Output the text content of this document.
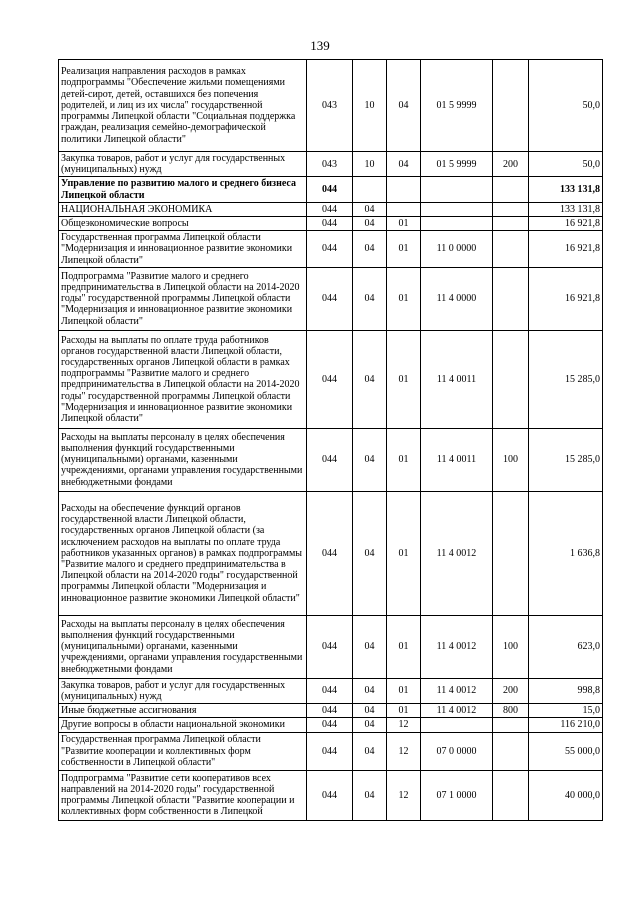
139
Реализация направления расходов в рамках подпрограммы "Обеспечение жильми помещениями детей-сирот, детей, оставшихся без попечения родителей, и лиц из их числа" государственной программы Липецкой области "Социальная поддержка граждан, реализация семейно-демографической политики Липецкой области"	043	10	04	01 5 9999		50,0
Закупка товаров, работ и услуг для государственных (муниципальных) нужд	043	10	04	01 5 9999	200	50,0
Управление по развитию малого и среднего бизнеса Липецкой области	044					133 131,8
НАЦИОНАЛЬНАЯ ЭКОНОМИКА	044	04				133 131,8
Общеэкономические вопросы	044	04	01			16 921,8
Государственная программа Липецкой области "Модернизация и инновационное развитие экономики Липецкой области"	044	04	01	11 0 0000		16 921,8
Подпрограмма "Развитие малого и среднего предпринимательства в Липецкой области на 2014-2020 годы" государственной программы Липецкой области "Модернизация и инновационное развитие экономики Липецкой области"	044	04	01	11 4 0000		16 921,8
Расходы на выплаты по оплате труда работников органов государственной власти Липецкой области, государственных органов Липецкой области в рамках подпрограммы "Развитие малого и среднего предпринимательства в Липецкой области на 2014-2020 годы" государственной программы Липецкой области "Модернизация и инновационное развитие экономики Липецкой области"	044	04	01	11 4 0011		15 285,0
Расходы на выплаты персоналу в целях обеспечения выполнения функций государственными (муниципальными) органами, казенными учреждениями, органами управления государственными внебюджетными фондами	044	04	01	11 4 0011	100	15 285,0
Расходы на обеспечение функций органов государственной власти Липецкой области, государственных органов Липецкой области (за исключением расходов на выплаты по оплате труда работников указанных органов) в рамках подпрограммы "Развитие малого и среднего предпринимательства в Липецкой области на 2014-2020 годы" государственной программы Липецкой области "Модернизация и инновационное развитие экономики Липецкой области"	044	04	01	11 4 0012		1 636,8
Расходы на выплаты персоналу в целях обеспечения выполнения функций государственными (муниципальными) органами, казенными учреждениями, органами управления государственными внебюджетными фондами	044	04	01	11 4 0012	100	623,0
Закупка товаров, работ и услуг для государственных (муниципальных) нужд	044	04	01	11 4 0012	200	998,8
Иные бюджетные ассигнования	044	04	01	11 4 0012	800	15,0
Другие вопросы в области национальной экономики	044	04	12			116 210,0
Государственная программа Липецкой области "Развитие кооперации и коллективных форм собственности в Липецкой области"	044	04	12	07 0 0000		55 000,0
Подпрограмма "Развитие сети кооперативов всех направлений на 2014-2020 годы" государственной программы Липецкой области "Развитие кооперации и коллективных форм собственности в Липецкой	044	04	12	07 1 0000		40 000,0
